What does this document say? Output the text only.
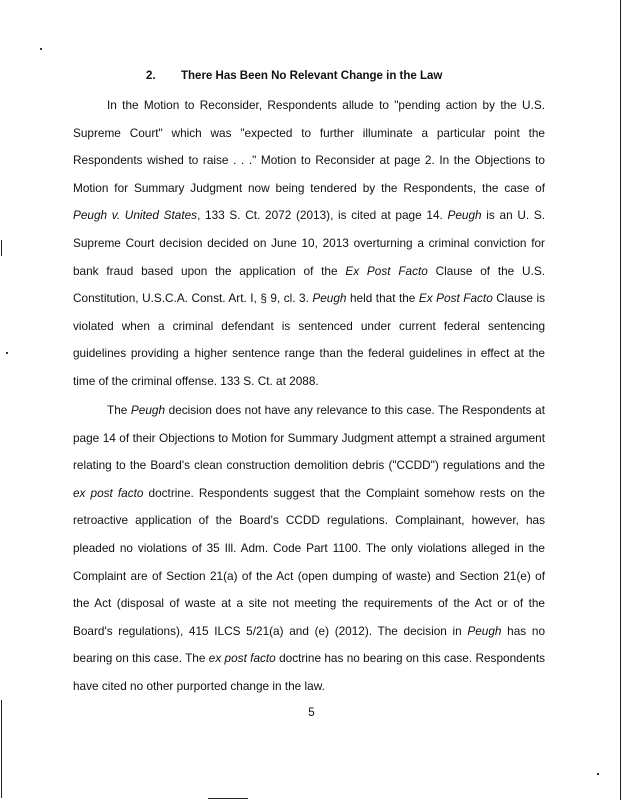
2. There Has Been No Relevant Change in the Law

In the Motion to Reconsider, Respondents allude to "pending action by the U.S. Supreme Court" which was "expected to further illuminate a particular point the Respondents wished to raise . . ." Motion to Reconsider at page 2. In the Objections to Motion for Summary Judgment now being tendered by the Respondents, the case of Peugh v. United States, 133 S. Ct. 2072 (2013), is cited at page 14. Peugh is an U. S. Supreme Court decision decided on June 10, 2013 overturning a criminal conviction for bank fraud based upon the application of the Ex Post Facto Clause of the U.S. Constitution, U.S.C.A. Const. Art. I, § 9, cl. 3. Peugh held that the Ex Post Facto Clause is violated when a criminal defendant is sentenced under current federal sentencing guidelines providing a higher sentence range than the federal guidelines in effect at the time of the criminal offense. 133 S. Ct. at 2088.

The Peugh decision does not have any relevance to this case. The Respondents at page 14 of their Objections to Motion for Summary Judgment attempt a strained argument relating to the Board's clean construction demolition debris ("CCDD") regulations and the ex post facto doctrine. Respondents suggest that the Complaint somehow rests on the retroactive application of the Board's CCDD regulations. Complainant, however, has pleaded no violations of 35 Ill. Adm. Code Part 1100. The only violations alleged in the Complaint are of Section 21(a) of the Act (open dumping of waste) and Section 21(e) of the Act (disposal of waste at a site not meeting the requirements of the Act or of the Board's regulations), 415 ILCS 5/21(a) and (e) (2012). The decision in Peugh has no bearing on this case. The ex post facto doctrine has no bearing on this case. Respondents have cited no other purported change in the law.

5
